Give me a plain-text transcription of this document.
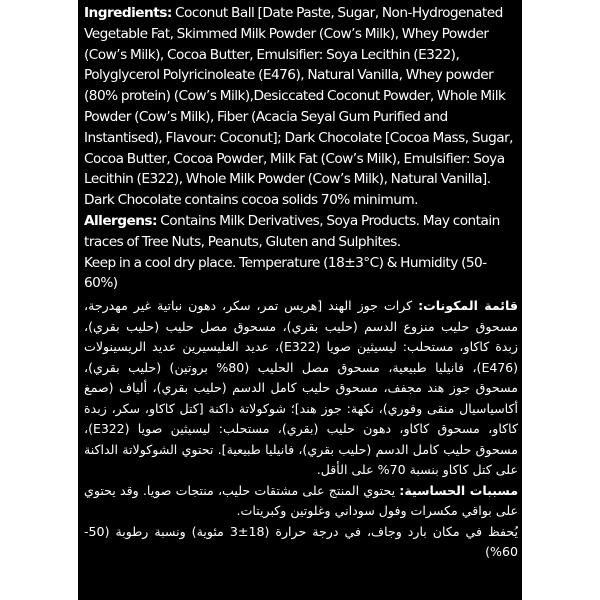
Ingredients: Coconut Ball [Date Paste, Sugar, Non-Hydrogenated Vegetable Fat, Skimmed Milk Powder (Cow’s Milk), Whey Powder (Cow’s Milk), Cocoa Butter, Emulsifier: Soya Lecithin (E322), Polyglycerol Polyricinoleate (E476), Natural Vanilla, Whey powder (80% protein) (Cow’s Milk),Desiccated Coconut Powder, Whole Milk Powder (Cow’s Milk), Fiber (Acacia Seyal Gum Purified and Instantised), Flavour: Coconut]; Dark Chocolate [Cocoa Mass, Sugar, Cocoa Butter, Cocoa Powder, Milk Fat (Cow’s Milk), Emulsifier: Soya Lecithin (E322), Whole Milk Powder (Cow’s Milk), Natural Vanilla].

Dark Chocolate contains cocoa solids 70% minimum.

Allergens: Contains Milk Derivatives, Soya Products. May contain traces of Tree Nuts, Peanuts, Gluten and Sulphites.

Keep in a cool dry place. Temperature (18±3°C) & Humidity (50-60%)

قائمة المكونات: كرات جوز الهند [هريس تمر، سكر، دهون نباتية غير مهدرجة، مسحوق حليب منزوع الدسم (حليب بقري)، مسحوق مصل حليب (حليب بقري)، زبدة كاكاو، مستحلب: ليسيثين صويا (E322)، عديد الغليسيرين عديد الريسينولات (E476)، فانيليا طبيعية، مسحوق مصل الحليب (80% بروتين) (حليب بقري)، مسحوق جوز هند مجفف، مسحوق حليب كامل الدسم (حليب بقري)، ألياف (صمغ أكاسياسيال منقى وفوري)، نكهة: جوز هند]؛ شوكولاتة داكنة [كتل كاكاو، سكر، زبدة كاكاو، مسحوق كاكاو، دهون حليب (بقري)، مستحلب: ليسيثين صويا (E322)، مسحوق حليب كامل الدسم (حليب بقري)، فانيليا طبيعية]. تحتوي الشوكولاتة الداكنة على كتل كاكاو بنسبة 70% على الأقل.

مسببات الحساسية: يحتوي المنتج على مشتقات حليب، منتجات صويا. وقد يحتوي على بواقي مكسرات وفول سوداني وغلوتين وكبريتات.

يُحفظ في مكان بارد وجاف، في درجة حرارة (18±3 مئوية) ونسبة رطوبة (50-60%)
